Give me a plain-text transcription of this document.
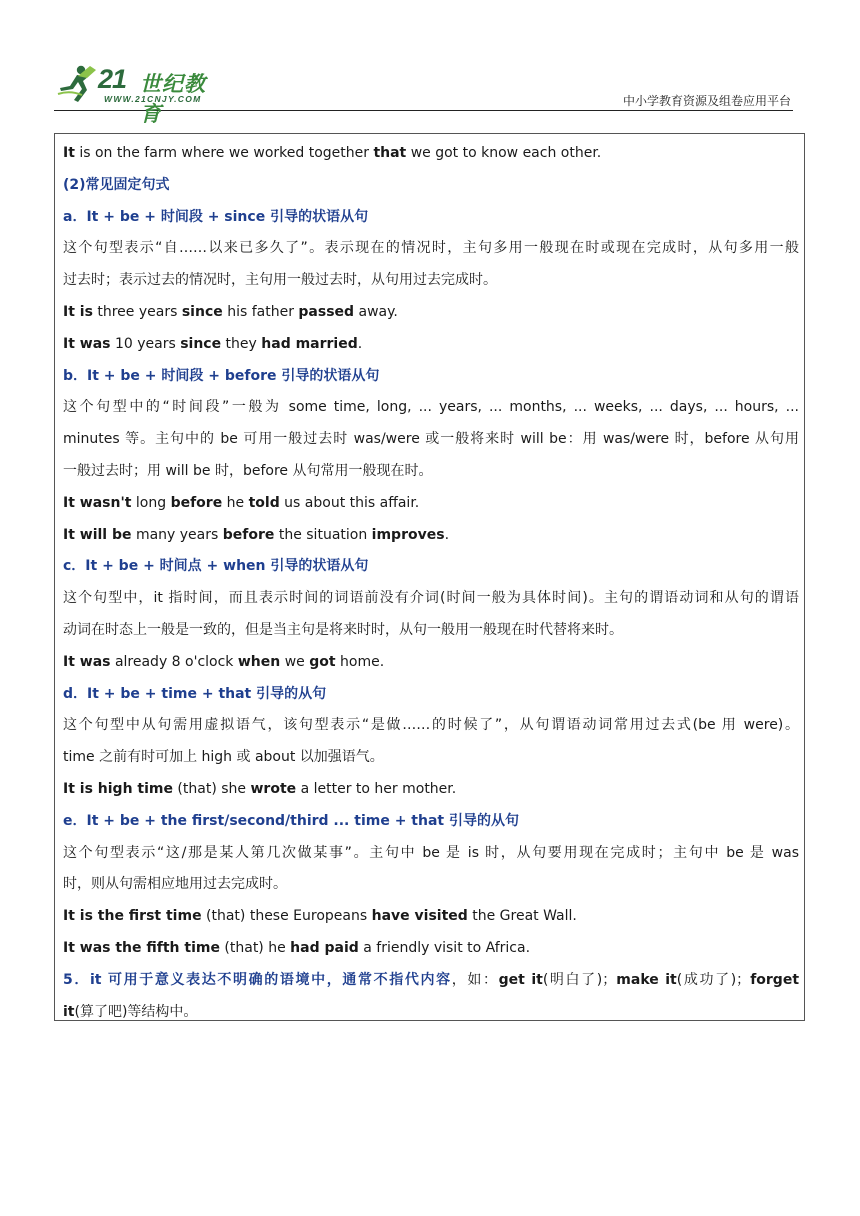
21 世纪教育
WWW.21CNJY.COM	中小学教育资源及组卷应用平台
It is on the farm where we worked together that we got to know each other.
(2)常见固定句式
a．It + be + 时间段 + since 引导的状语从句
这个句型表示“自……以来已多久了”。表示现在的情况时，主句多用一般现在时或现在完成时，从句多用一般
过去时；表示过去的情况时，主句用一般过去时，从句用过去完成时。
It is three years since his father passed away.
It was 10 years since they had married.
b．It + be + 时间段 + before 引导的状语从句
这个句型中的“时间段”一般为 some time, long, ... years, ... months, ... weeks, ... days, ... hours, ...
minutes 等。主句中的 be 可用一般过去时 was/were 或一般将来时 will be：用 was/were 时，before 从句用
一般过去时；用 will be 时，before 从句常用一般现在时。
It wasn't long before he told us about this affair.
It will be many years before the situation improves.
c．It + be + 时间点 + when 引导的状语从句
这个句型中，it 指时间，而且表示时间的词语前没有介词(时间一般为具体时间)。主句的谓语动词和从句的谓语
动词在时态上一般是一致的，但是当主句是将来时时，从句一般用一般现在时代替将来时。
It was already 8 o'clock when we got home.
d．It + be + time + that 引导的从句
这个句型中从句需用虚拟语气，该句型表示“是做……的时候了”，从句谓语动词常用过去式(be 用 were)。
time 之前有时可加上 high 或 about 以加强语气。
It is high time (that) she wrote a letter to her mother.
e．It + be + the first/second/third ... time + that 引导的从句
这个句型表示“这/那是某人第几次做某事”。主句中 be 是 is 时，从句要用现在完成时；主句中 be 是 was
时，则从句需相应地用过去完成时。
It is the first time (that) these Europeans have visited the Great Wall.
It was the fifth time (that) he had paid a friendly visit to Africa.
5．it 可用于意义表达不明确的语境中，通常不指代内容，如：get it(明白了)；make it(成功了)；forget
it(算了吧)等结构中。
